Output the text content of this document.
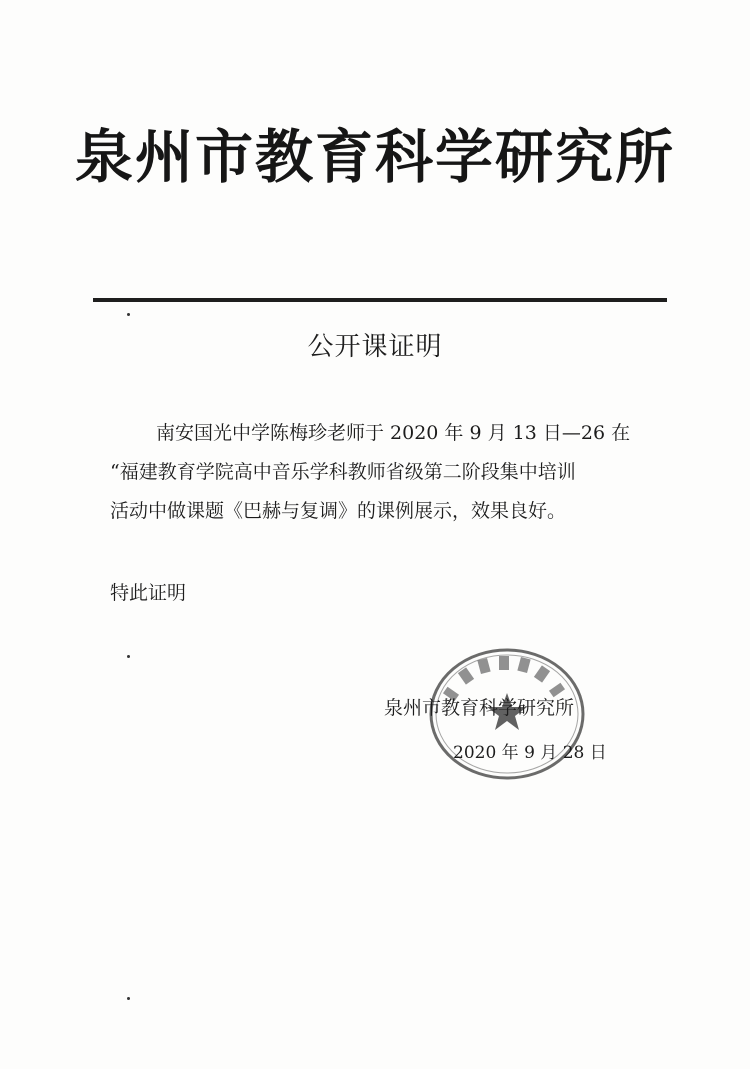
泉州市教育科学研究所
公开课证明
南安国光中学陈梅珍老师于 2020 年 9 月 13 日—26 在
“福建教育学院高中音乐学科教师省级第二阶段集中培训
活动中做课题《巴赫与复调》的课例展示，效果良好。
特此证明
泉州市教育科学研究所
2020 年 9 月 28 日
